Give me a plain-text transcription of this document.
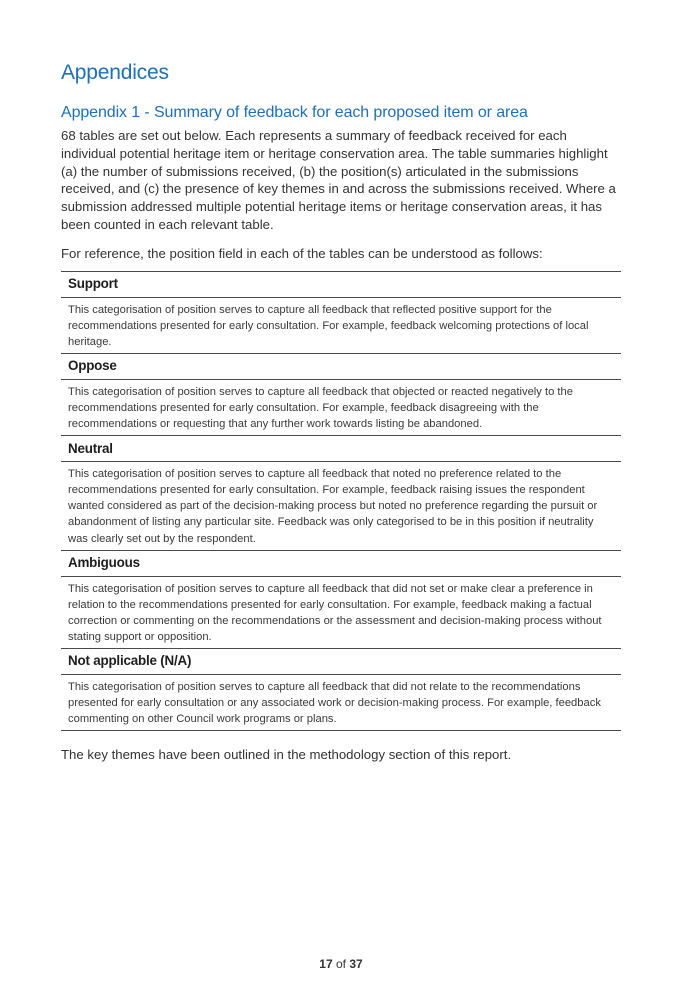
Appendices
Appendix 1 - Summary of feedback for each proposed item or area

68 tables are set out below. Each represents a summary of feedback received for each individual potential heritage item or heritage conservation area. The table summaries highlight (a) the number of submissions received, (b) the position(s) articulated in the submissions received, and (c) the presence of key themes in and across the submissions received. Where a submission addressed multiple potential heritage items or heritage conservation areas, it has been counted in each relevant table.

For reference, the position field in each of the tables can be understood as follows:

Support
This categorisation of position serves to capture all feedback that reflected positive support for the recommendations presented for early consultation. For example, feedback welcoming protections of local heritage.
Oppose
This categorisation of position serves to capture all feedback that objected or reacted negatively to the recommendations presented for early consultation. For example, feedback disagreeing with the recommendations or requesting that any further work towards listing be abandoned.
Neutral
This categorisation of position serves to capture all feedback that noted no preference related to the recommendations presented for early consultation. For example, feedback raising issues the respondent wanted considered as part of the decision-making process but noted no preference regarding the pursuit or abandonment of listing any particular site. Feedback was only categorised to be in this position if neutrality was clearly set out by the respondent.
Ambiguous
This categorisation of position serves to capture all feedback that did not set or make clear a preference in relation to the recommendations presented for early consultation. For example, feedback making a factual correction or commenting on the recommendations or the assessment and decision-making process without stating support or opposition.
Not applicable (N/A)
This categorisation of position serves to capture all feedback that did not relate to the recommendations presented for early consultation or any associated work or decision-making process. For example, feedback commenting on other Council work programs or plans.

The key themes have been outlined in the methodology section of this report.

17 of 37
